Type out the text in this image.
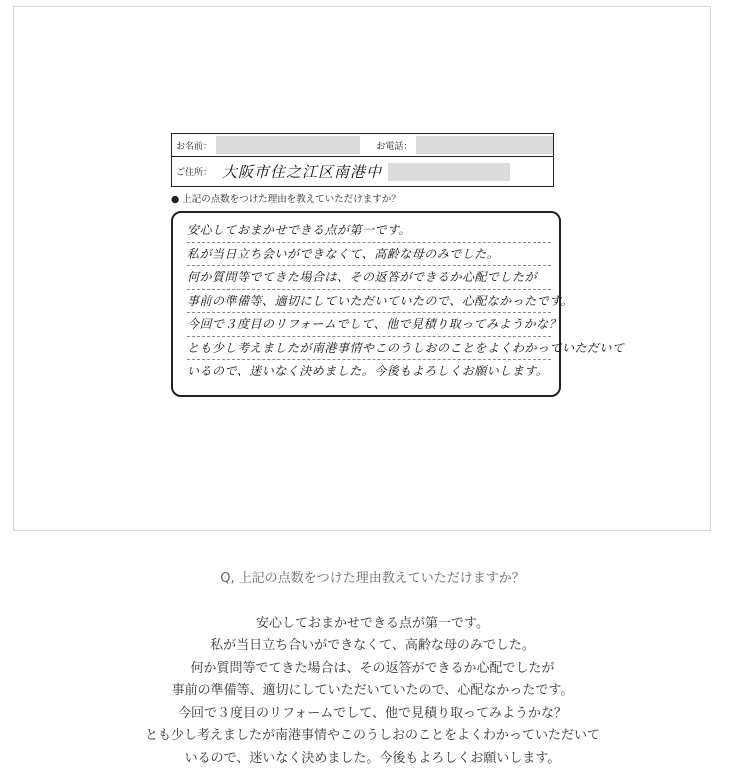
お名前：	お電話：
ご住所： 大阪市住之江区南港中
● 上記の点数をつけた理由を教えていただけますか？
安心しておまかせできる点が第一です。
私が当日立ち会いができなくて、高齢な母のみでした。
何か質問等でてきた場合は、その返答ができるか心配でしたが
事前の準備等、適切にしていただいていたので、心配なかったです。
今回で３度目のリフォームでして、他で見積り取ってみようかな？
とも少し考えましたが南港事情やこのうしおのことをよくわかっていただいて
いるので、迷いなく決めました。今後もよろしくお願いします。
Q, 上記の点数をつけた理由教えていただけますか？
安心しておまかせできる点が第一です。
私が当日立ち合いができなくて、高齢な母のみでした。
何か質問等でてきた場合は、その返答ができるか心配でしたが
事前の準備等、適切にしていただいていたので、心配なかったです。
今回で３度目のリフォームでして、他で見積り取ってみようかな？
とも少し考えましたが南港事情やこのうしおのことをよくわかっていただいて
いるので、迷いなく決めました。今後もよろしくお願いします。
